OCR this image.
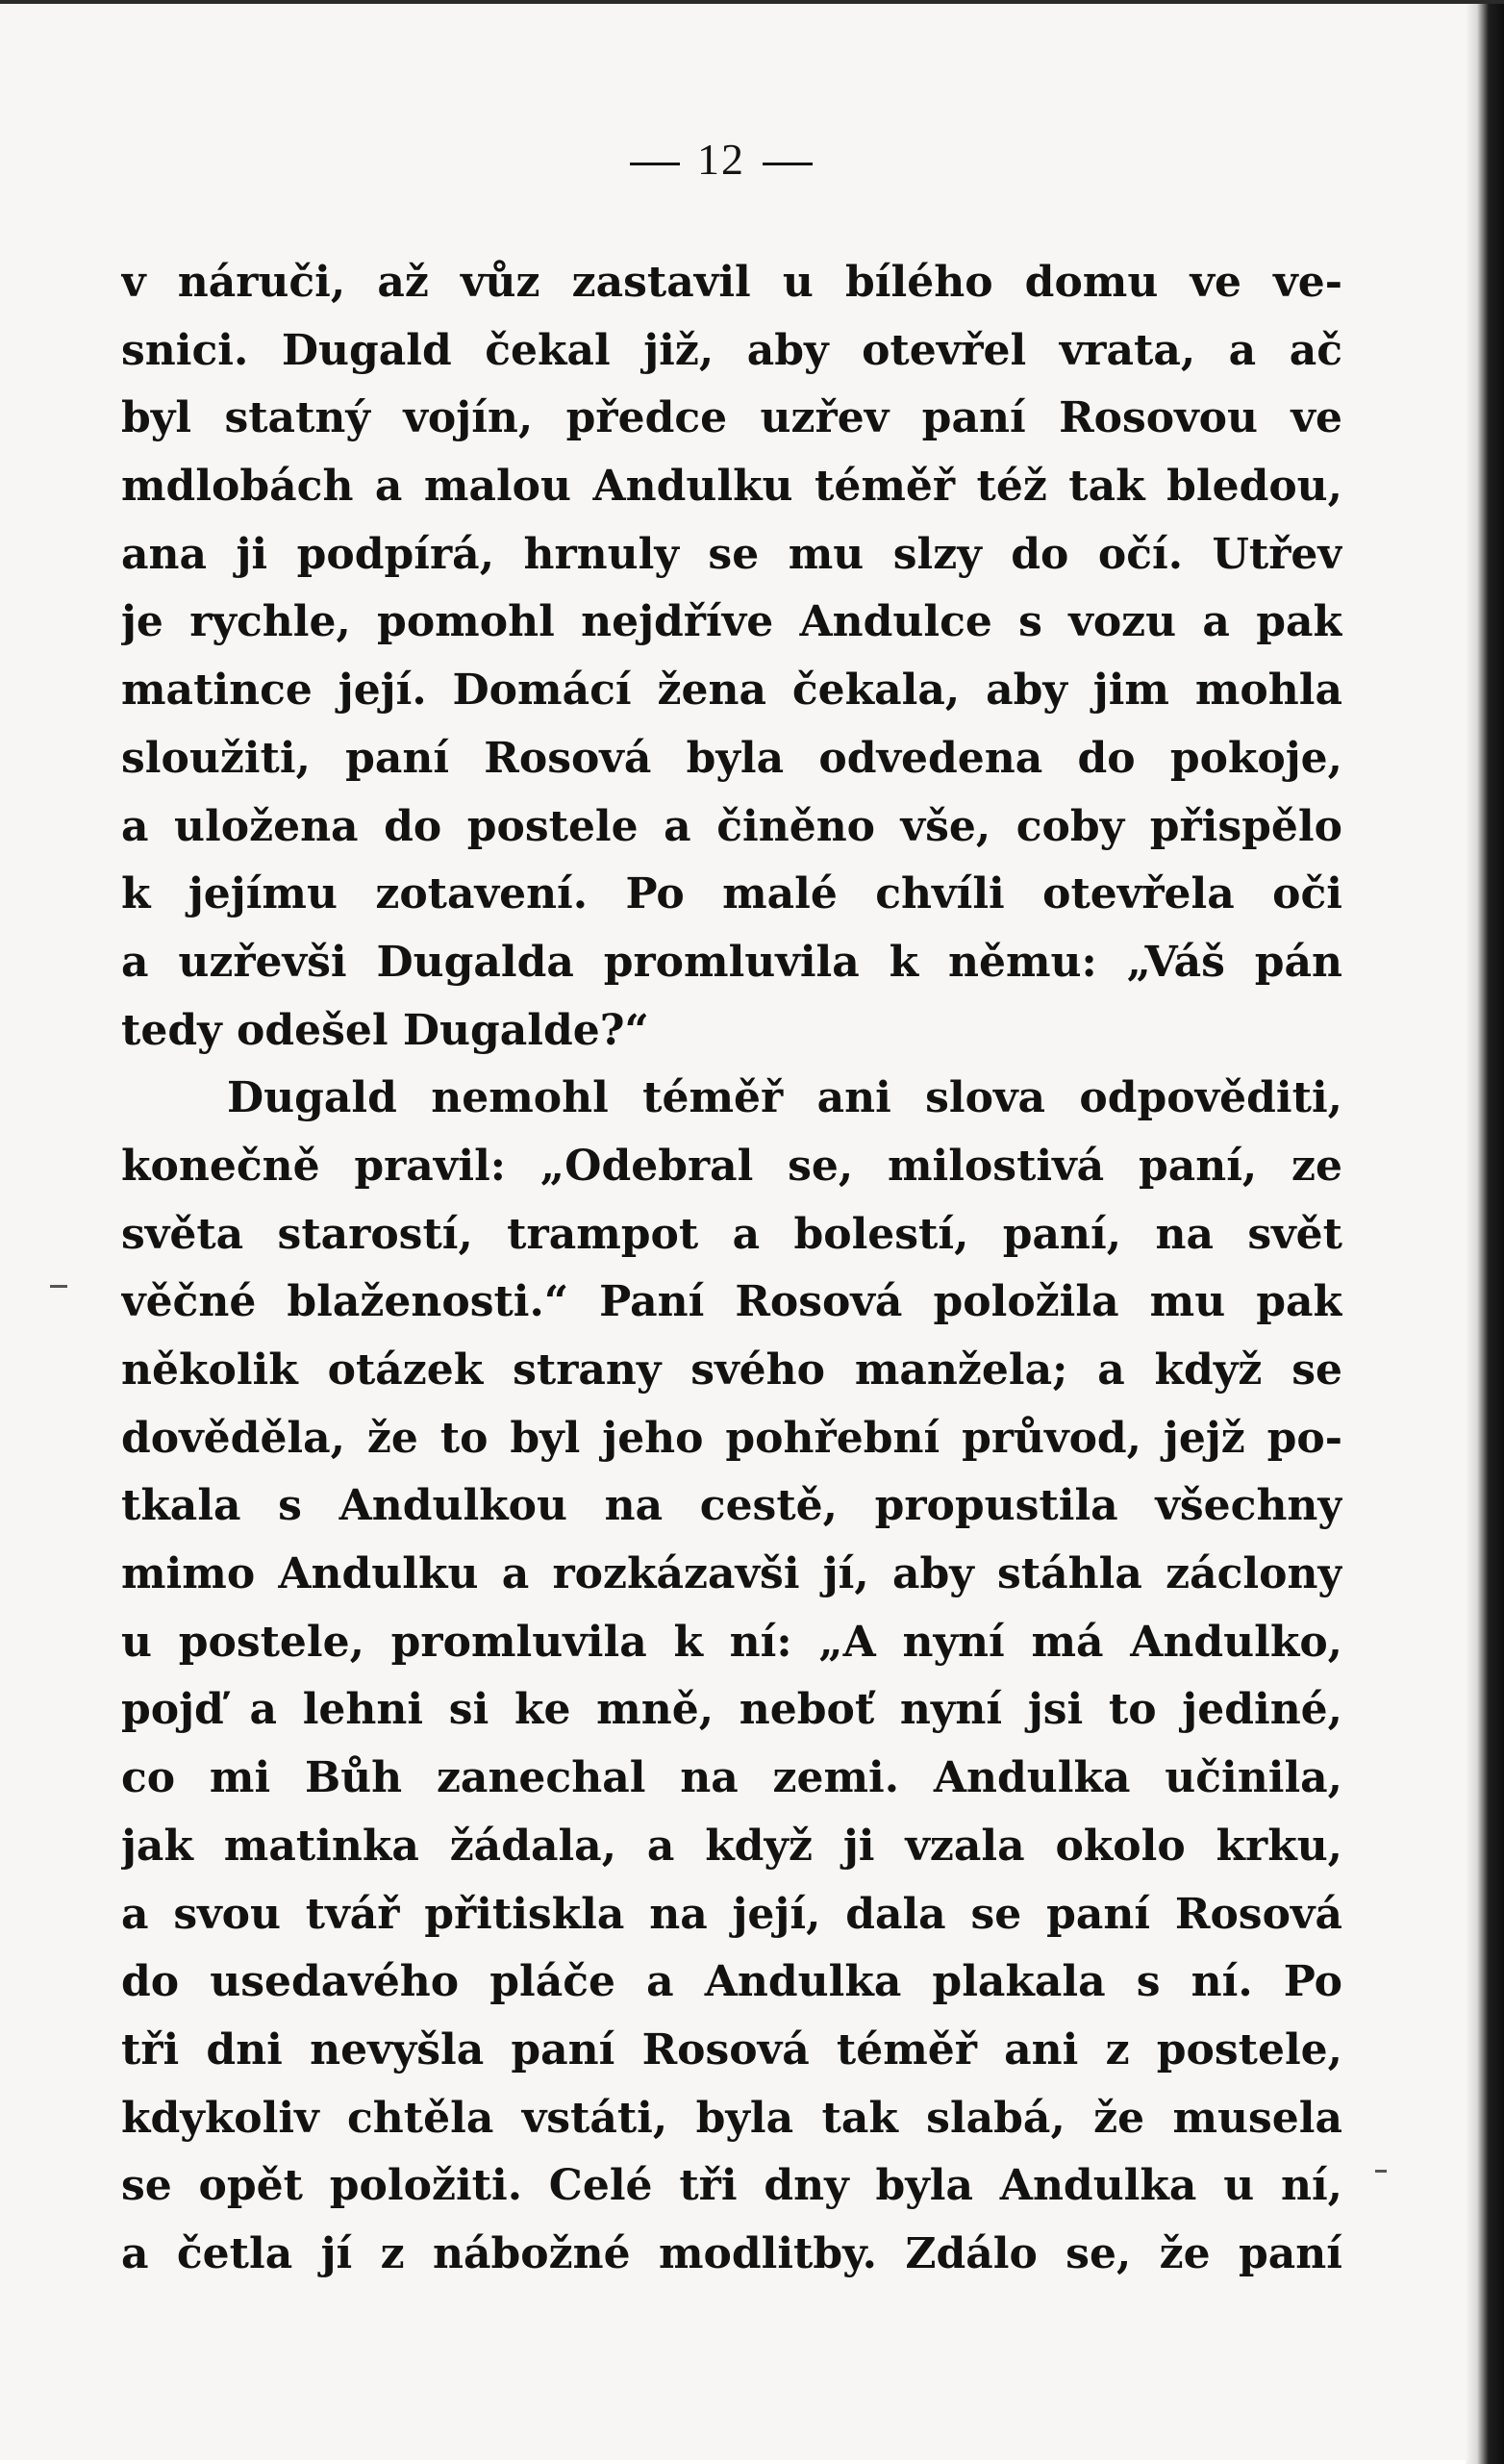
12
v náruči, až vůz zastavil u bílého domu ve ve-
snici. Dugald čekal již, aby otevřel vrata, a ač
byl statný vojín, předce uzřev paní Rosovou ve
mdlobách a malou Andulku téměř též tak bledou,
ana ji podpírá, hrnuly se mu slzy do očí. Utřev
je rychle, pomohl nejdříve Andulce s vozu a pak
matince její. Domácí žena čekala, aby jim mohla
sloužiti, paní Rosová byla odvedena do pokoje,
a uložena do postele a činěno vše, coby přispělo
k jejímu zotavení. Po malé chvíli otevřela oči
a uzřevši Dugalda promluvila k němu: „Váš pán
tedy odešel Dugalde?“
Dugald nemohl téměř ani slova odpověditi,
konečně pravil: „Odebral se, milostivá paní, ze
světa starostí, trampot a bolestí, paní, na svět
věčné blaženosti.“ Paní Rosová položila mu pak
několik otázek strany svého manžela; a když se
dověděla, že to byl jeho pohřební průvod, jejž po-
tkala s Andulkou na cestě, propustila všechny
mimo Andulku a rozkázavši jí, aby stáhla záclony
u postele, promluvila k ní: „A nyní má Andulko,
pojď a lehni si ke mně, neboť nyní jsi to jediné,
co mi Bůh zanechal na zemi. Andulka učinila,
jak matinka žádala, a když ji vzala okolo krku,
a svou tvář přitiskla na její, dala se paní Rosová
do usedavého pláče a Andulka plakala s ní. Po
tři dni nevyšla paní Rosová téměř ani z postele,
kdykoliv chtěla vstáti, byla tak slabá, že musela
se opět položiti. Celé tři dny byla Andulka u ní,
a četla jí z nábožné modlitby. Zdálo se, že paní
